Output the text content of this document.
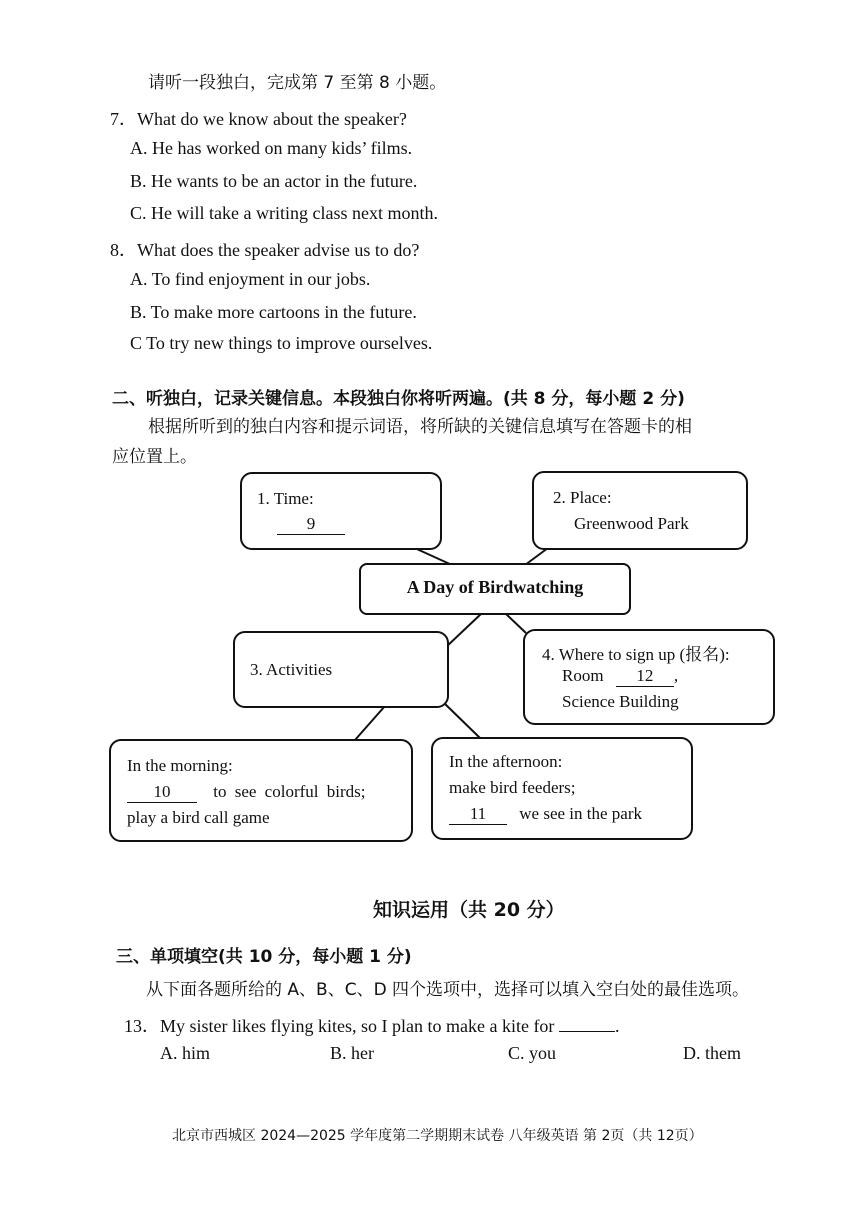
请听一段独白，完成第 7 至第 8 小题。
7．What do we know about the speaker?
A. He has worked on many kids’ films.
B. He wants to be an actor in the future.
C. He will take a writing class next month.
8．What does the speaker advise us to do?
A. To find enjoyment in our jobs.
B. To make more cartoons in the future.
C To try new things to improve ourselves.
二、听独白，记录关键信息。本段独白你将听两遍。(共 8 分，每小题 2 分)
根据所听到的独白内容和提示词语，将所缺的关键信息填写在答题卡的相
应位置上。
1. Time:
9
2. Place:
Greenwood Park
A Day of Birdwatching
3. Activities
4. Where to sign up (报名):
Room 12 ,
Science Building
In the morning:
10	to see colorful birds;
play a bird call game
In the afternoon:
make bird feeders;
11 we see in the park
知识运用（共 20 分）
三、单项填空(共 10 分，每小题 1 分)
从下面各题所给的 A、B、C、D 四个选项中，选择可以填入空白处的最佳选项。
13．My sister likes flying kites, so I plan to make a kite for	.
A. him	B. her	C. you	D. them
北京市西城区 2024—2025 学年度第二学期期末试卷 八年级英语 第 2页（共 12页）
